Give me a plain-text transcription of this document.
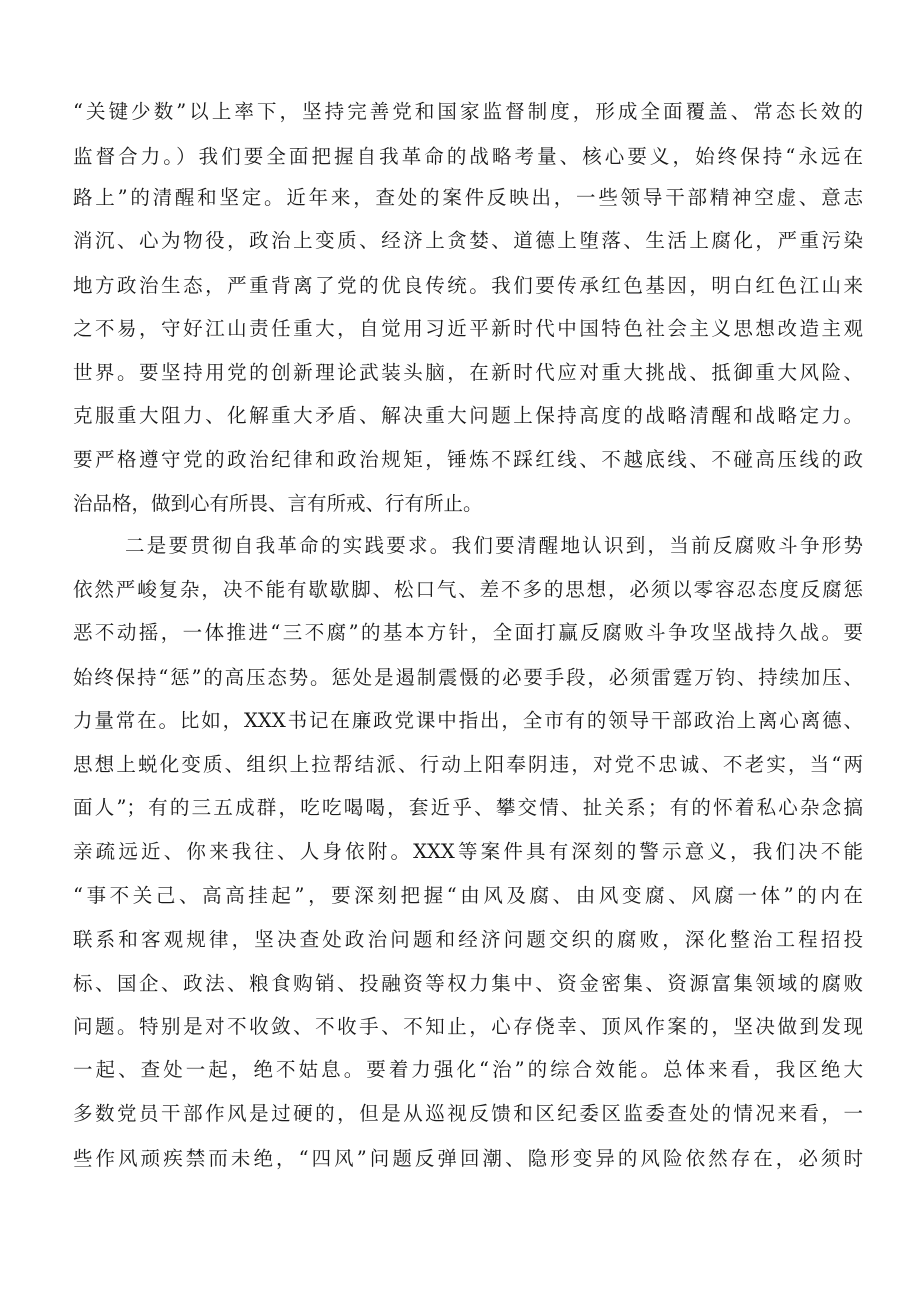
“关键少数”以上率下，坚持完善党和国家监督制度，形成全面覆盖、常态长效的
监督合力。）我们要全面把握自我革命的战略考量、核心要义，始终保持“永远在
路上”的清醒和坚定。近年来，查处的案件反映出，一些领导干部精神空虚、意志
消沉、心为物役，政治上变质、经济上贪婪、道德上堕落、生活上腐化，严重污染
地方政治生态，严重背离了党的优良传统。我们要传承红色基因，明白红色江山来
之不易，守好江山责任重大，自觉用习近平新时代中国特色社会主义思想改造主观
世界。要坚持用党的创新理论武装头脑，在新时代应对重大挑战、抵御重大风险、
克服重大阻力、化解重大矛盾、解决重大问题上保持高度的战略清醒和战略定力。
要严格遵守党的政治纪律和政治规矩，锤炼不踩红线、不越底线、不碰高压线的政
治品格，做到心有所畏、言有所戒、行有所止。
二是要贯彻自我革命的实践要求。我们要清醒地认识到，当前反腐败斗争形势
依然严峻复杂，决不能有歇歇脚、松口气、差不多的思想，必须以零容忍态度反腐惩
恶不动摇，一体推进“三不腐”的基本方针，全面打赢反腐败斗争攻坚战持久战。要
始终保持“惩”的高压态势。惩处是遏制震慑的必要手段，必须雷霆万钧、持续加压、
力量常在。比如，XXX书记在廉政党课中指出，全市有的领导干部政治上离心离德、
思想上蜕化变质、组织上拉帮结派、行动上阳奉阴违，对党不忠诚、不老实，当“两
面人”；有的三五成群，吃吃喝喝，套近乎、攀交情、扯关系；有的怀着私心杂念搞
亲疏远近、你来我往、人身依附。XXX等案件具有深刻的警示意义，我们决不能
“事不关己、高高挂起”，要深刻把握“由风及腐、由风变腐、风腐一体”的内在
联系和客观规律，坚决查处政治问题和经济问题交织的腐败，深化整治工程招投
标、国企、政法、粮食购销、投融资等权力集中、资金密集、资源富集领域的腐败
问题。特别是对不收敛、不收手、不知止，心存侥幸、顶风作案的，坚决做到发现
一起、查处一起，绝不姑息。要着力强化“治”的综合效能。总体来看，我区绝大
多数党员干部作风是过硬的，但是从巡视反馈和区纪委区监委查处的情况来看，一
些作风顽疾禁而未绝，“四风”问题反弹回潮、隐形变异的风险依然存在，必须时
